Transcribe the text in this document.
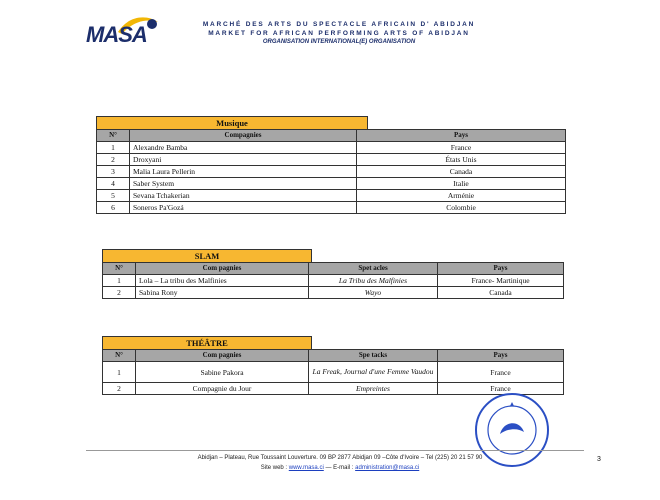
MASA	MARCHÉ DES ARTS DU SPECTACLE AFRICAIN D' ABIDJAN
MARKET FOR AFRICAN PERFORMING ARTS OF ABIDJAN
ORGANISATION INTERNATIONAL(E) ORGANISATION
Musique
N°	Compagnies	Pays
1	Alexandre Bamba	France
2	Droxyani	États Unis
3	Malia Laura Pellerin	Canada
4	Saber System	Italie
5	Sevana Tchakerian	Arménie
6	Soneros Pa'Gozá	Colombie
SLAM
N°	Com pagnies	Spet acles	Pays
1	Lola – La tribu des Malfinies	La Tribu des Malfinies	France- Martinique
2	Sabina Rony	Wayo	Canada
THÉÂTRE
N°	Com pagnies	Spe tacks	Pays
1	Sabine Pakora	La Freak, Journal d'une Femme Vaudou	France
2	Compagnie du Jour	Empreintes	France
Abidjan – Plateau, Rue Toussaint Louverture. 09 BP 2877 Abidjan 09 –Côte d'Ivoire – Tel (225) 20 21 57 90
Site web : www.masa.ci — E-mail : administration@masa.ci
3
